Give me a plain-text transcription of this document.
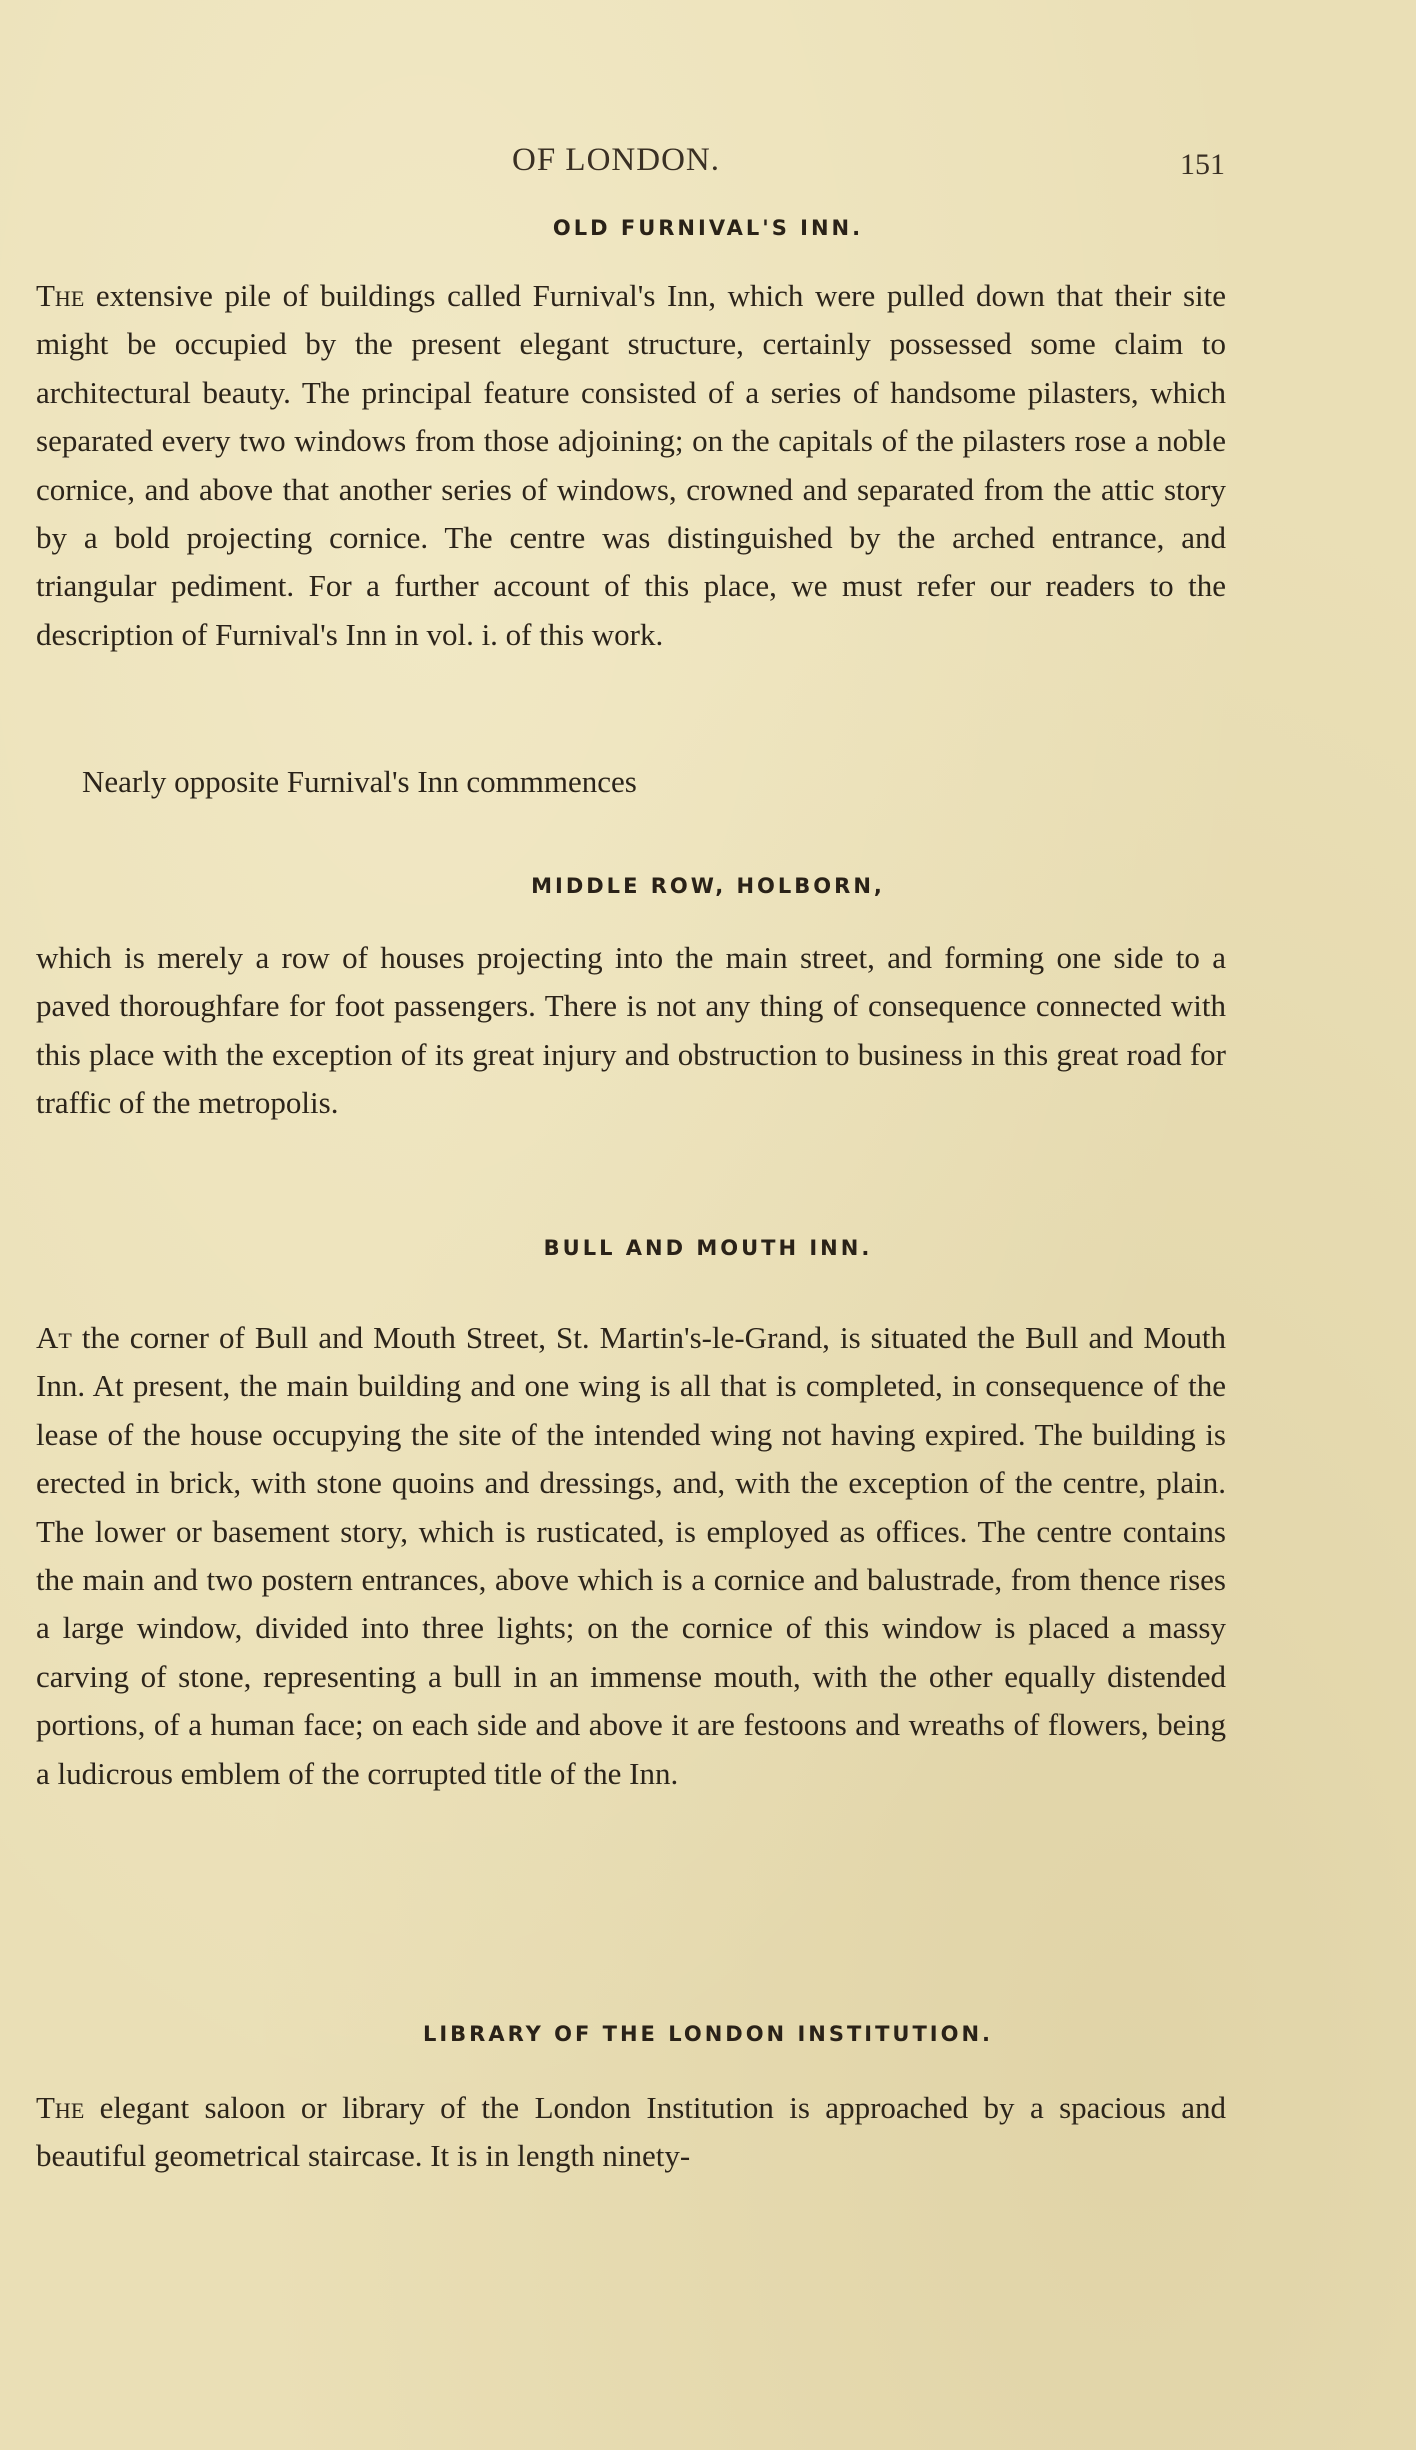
OF LONDON.	151
OLD FURNIVAL'S INN.

The extensive pile of buildings called Furnival's Inn, which were pulled down that their site might be occupied by the present elegant structure, certainly possessed some claim to architectural beauty. The principal feature consisted of a series of handsome pilasters, which separated every two windows from those adjoining; on the capitals of the pilasters rose a noble cornice, and above that another series of windows, crowned and separated from the attic story by a bold projecting cornice. The centre was distinguished by the arched entrance, and triangular pediment. For a further account of this place, we must refer our readers to the description of Furnival's Inn in vol. i. of this work.

Nearly opposite Furnival's Inn commmences
MIDDLE ROW, HOLBORN,

which is merely a row of houses projecting into the main street, and forming one side to a paved thoroughfare for foot passengers. There is not any thing of consequence connected with this place with the exception of its great injury and obstruction to business in this great road for traffic of the metropolis.

BULL AND MOUTH INN.

At the corner of Bull and Mouth Street, St. Martin's-le-Grand, is situated the Bull and Mouth Inn. At present, the main building and one wing is all that is completed, in consequence of the lease of the house occupying the site of the intended wing not having expired. The building is erected in brick, with stone quoins and dressings, and, with the exception of the centre, plain. The lower or basement story, which is rusticated, is employed as offices. The centre contains the main and two postern entrances, above which is a cornice and balustrade, from thence rises a large window, divided into three lights; on the cornice of this window is placed a massy carving of stone, representing a bull in an immense mouth, with the other equally distended portions, of a human face; on each side and above it are festoons and wreaths of flowers, being a ludicrous emblem of the corrupted title of the Inn.

LIBRARY OF THE LONDON INSTITUTION.

The elegant saloon or library of the London Institution is approached by a spacious and beautiful geometrical staircase. It is in length ninety-
